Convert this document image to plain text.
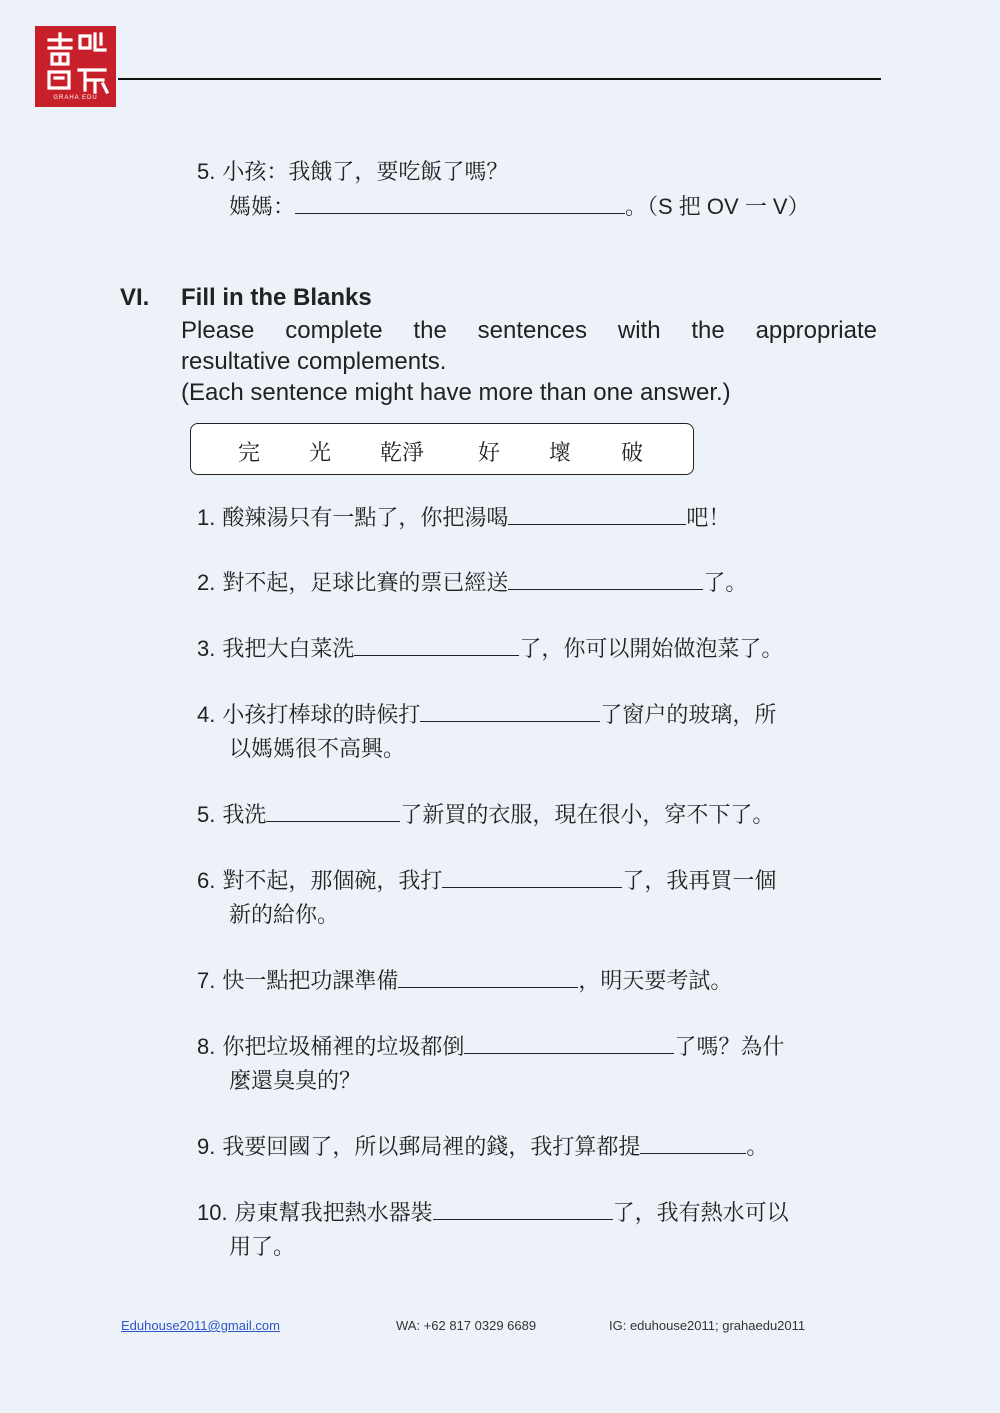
GRAHA EDU
5. 小孩：我餓了，要吃飯了嗎？
媽媽：	。（S 把 OV 一 V）
VI. Fill in the Blanks
Please complete the sentences with the appropriate
resultative complements.
(Each sentence might have more than one answer.)
完 光 乾淨 好 壞 破
1. 酸辣湯只有一點了，你把湯喝	吧！
2. 對不起，足球比賽的票已經送	了。
3. 我把大白菜洗	了，你可以開始做泡菜了。
4. 小孩打棒球的時候打	了窗户的玻璃，所
以媽媽很不高興。
5. 我洗	了新買的衣服，現在很小，穿不下了。
6. 對不起，那個碗，我打	了，我再買一個
新的給你。
7. 快一點把功課準備	，明天要考試。
8. 你把垃圾桶裡的垃圾都倒	了嗎？為什
麼還臭臭的？
9. 我要回國了，所以郵局裡的錢，我打算都提	。
10. 房東幫我把熱水器裝	了，我有熱水可以
用了。
Eduhouse2011@gmail.com	WA: +62 817 0329 6689	IG: eduhouse2011; grahaedu2011
